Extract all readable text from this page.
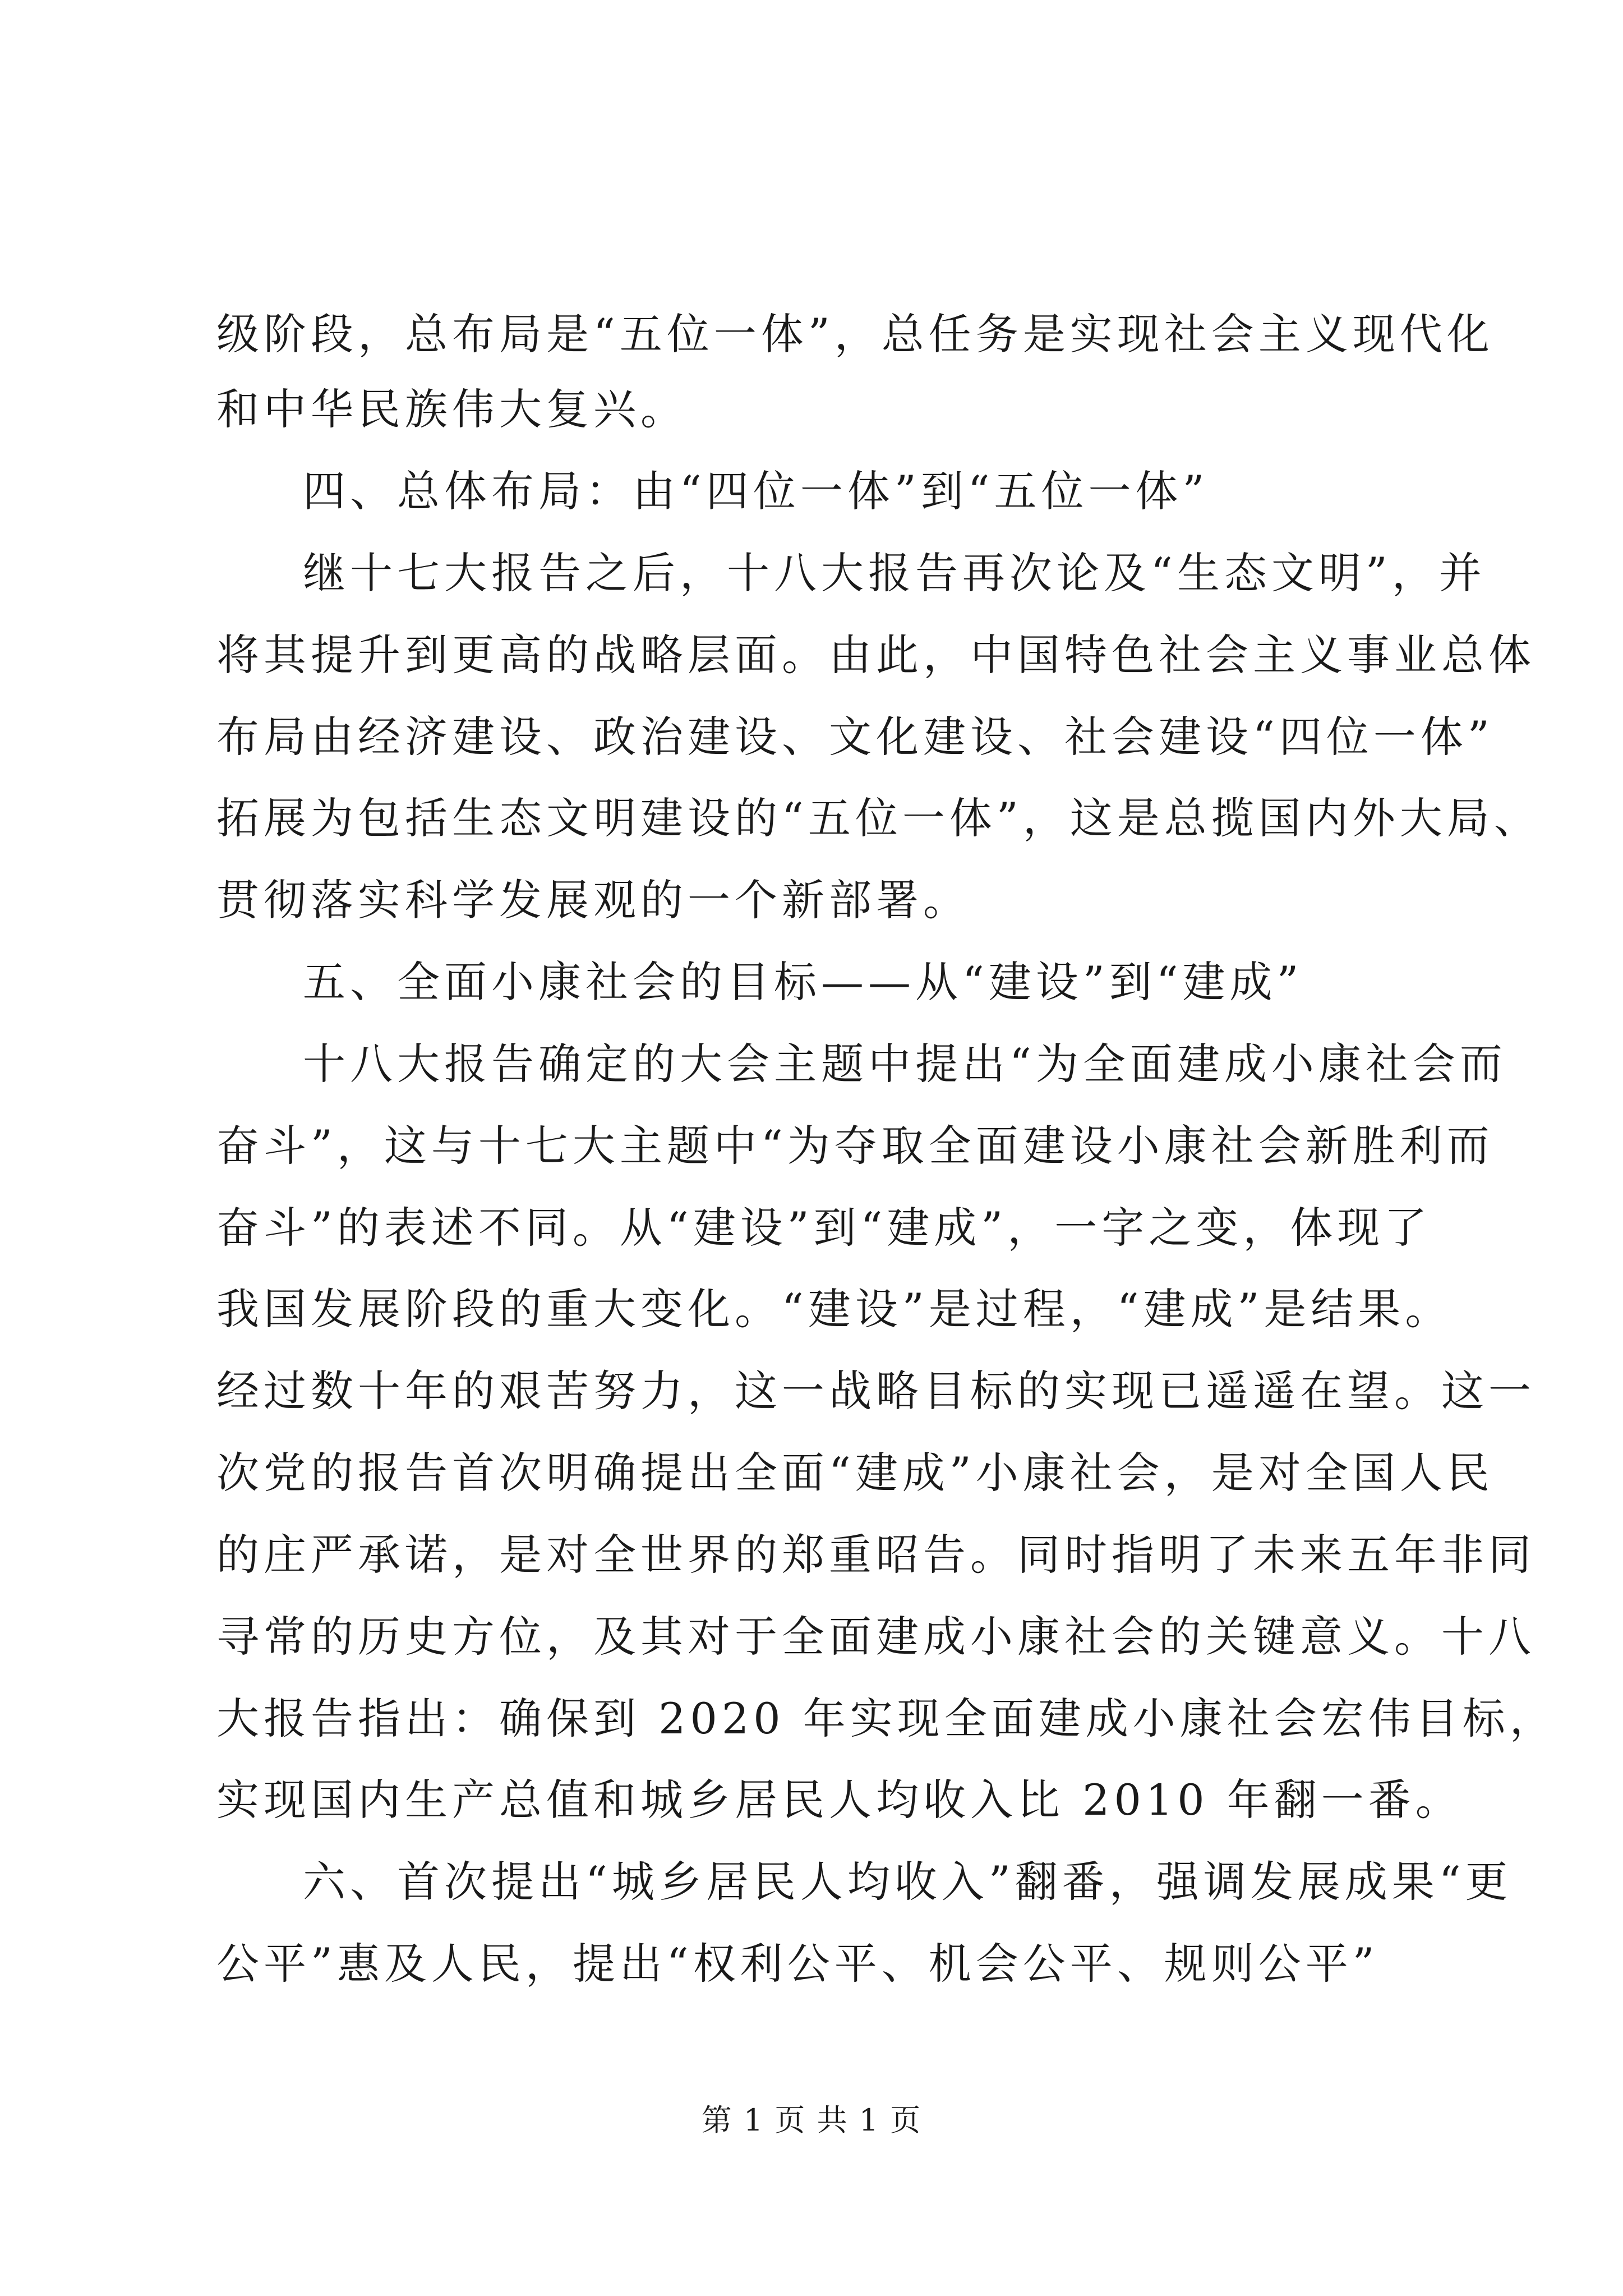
级阶段，总布局是“五位一体”，总任务是实现社会主义现代化

和中华民族伟大复兴。

四、总体布局：由“四位一体”到“五位一体”

继十七大报告之后，十八大报告再次论及“生态文明”，并

将其提升到更高的战略层面。由此，中国特色社会主义事业总体

布局由经济建设、政治建设、文化建设、社会建设“四位一体”

拓展为包括生态文明建设的“五位一体”，这是总揽国内外大局、

贯彻落实科学发展观的一个新部署。

五、全面小康社会的目标——从“建设”到“建成”

十八大报告确定的大会主题中提出“为全面建成小康社会而

奋斗”，这与十七大主题中“为夺取全面建设小康社会新胜利而

奋斗”的表述不同。从“建设”到“建成”，一字之变，体现了

我国发展阶段的重大变化。“建设”是过程，“建成”是结果。

经过数十年的艰苦努力，这一战略目标的实现已遥遥在望。这一

次党的报告首次明确提出全面“建成”小康社会，是对全国人民

的庄严承诺，是对全世界的郑重昭告。同时指明了未来五年非同

寻常的历史方位，及其对于全面建成小康社会的关键意义。十八

大报告指出：确保到 2020 年实现全面建成小康社会宏伟目标，

实现国内生产总值和城乡居民人均收入比 2010 年翻一番。

六、首次提出“城乡居民人均收入”翻番，强调发展成果“更

公平”惠及人民，提出“权利公平、机会公平、规则公平”

第 1 页 共 1 页
